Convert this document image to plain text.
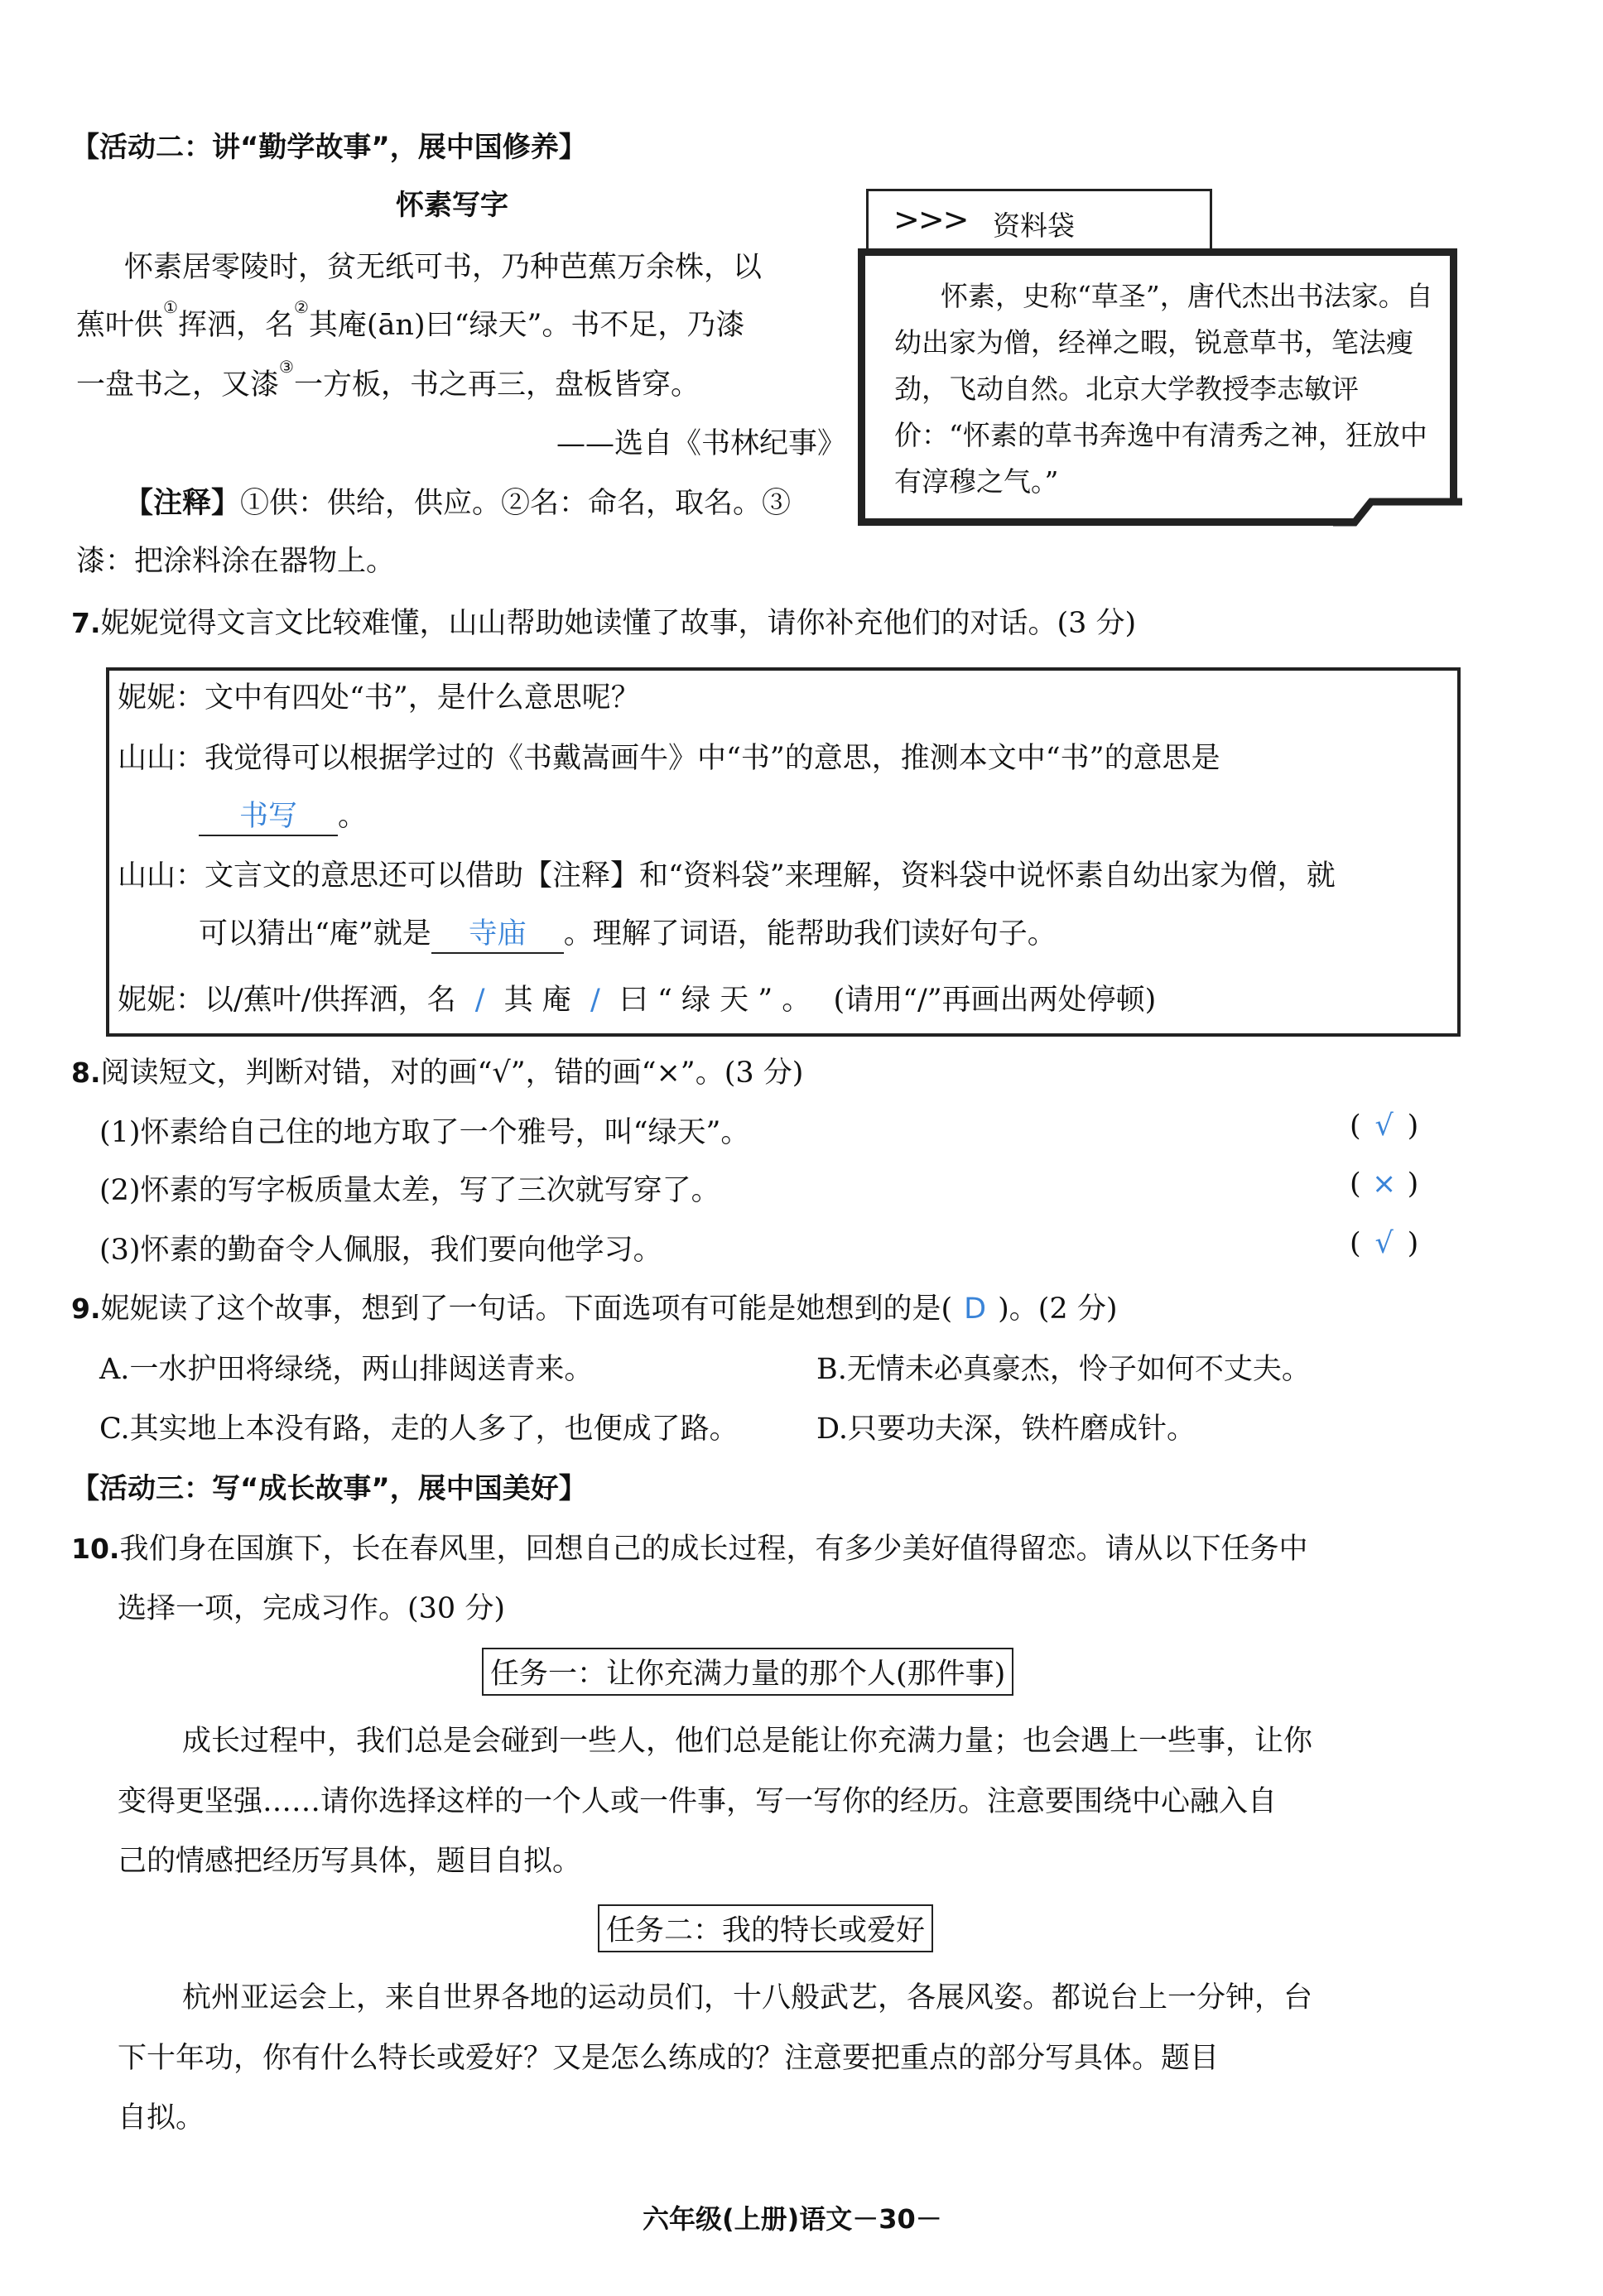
【活动二：讲“勤学故事”，展中国修养】
怀素写字
怀素居零陵时，贫无纸可书，乃种芭蕉万余株，以
蕉叶供①挥洒，名②其庵(ān)曰“绿天”。书不足，乃漆
一盘书之，又漆③一方板，书之再三，盘板皆穿。
——选自《书林纪事》
【注释】①供：供给，供应。②名：命名，取名。③
漆：把涂料涂在器物上。
>>> 资料袋
怀素，史称“草圣”，唐代杰出书法家。自幼出家为僧，经禅之暇，锐意草书，笔法瘦劲，飞动自然。北京大学教授李志敏评价：“怀素的草书奔逸中有清秀之神，狂放中有淳穆之气。”
7.妮妮觉得文言文比较难懂，山山帮助她读懂了故事，请你补充他们的对话。(3 分)
妮妮：文中有四处“书”，是什么意思呢？
山山：我觉得可以根据学过的《书戴嵩画牛》中“书”的意思，推测本文中“书”的意思是
书写 。
山山：文言文的意思还可以借助【注释】和“资料袋”来理解，资料袋中说怀素自幼出家为僧，就
可以猜出“庵”就是 寺庙 。理解了词语，能帮助我们读好句子。
妮妮：以/蕉叶/供挥洒，名 / 其 庵 / 曰 “ 绿 天 ” 。 (请用“/”再画出两处停顿)
8.阅读短文，判断对错，对的画“√”，错的画“×”。(3 分)
(1)怀素给自己住的地方取了一个雅号，叫“绿天”。	( √ )
(2)怀素的写字板质量太差，写了三次就写穿了。	( × )
(3)怀素的勤奋令人佩服，我们要向他学习。	( √ )
9.妮妮读了这个故事，想到了一句话。下面选项有可能是她想到的是( D )。(2 分)
A.一水护田将绿绕，两山排闼送青来。	B.无情未必真豪杰，怜子如何不丈夫。
C.其实地上本没有路，走的人多了，也便成了路。	D.只要功夫深，铁杵磨成针。
【活动三：写“成长故事”，展中国美好】
10.我们身在国旗下，长在春风里，回想自己的成长过程，有多少美好值得留恋。请从以下任务中
选择一项，完成习作。(30 分)
任务一：让你充满力量的那个人(那件事)
成长过程中，我们总是会碰到一些人，他们总是能让你充满力量；也会遇上一些事，让你
变得更坚强……请你选择这样的一个人或一件事，写一写你的经历。注意要围绕中心融入自
己的情感把经历写具体，题目自拟。
任务二：我的特长或爱好
杭州亚运会上，来自世界各地的运动员们，十八般武艺，各展风姿。都说台上一分钟，台
下十年功，你有什么特长或爱好？又是怎么练成的？注意要把重点的部分写具体。题目
自拟。
六年级(上册)语文－30－
